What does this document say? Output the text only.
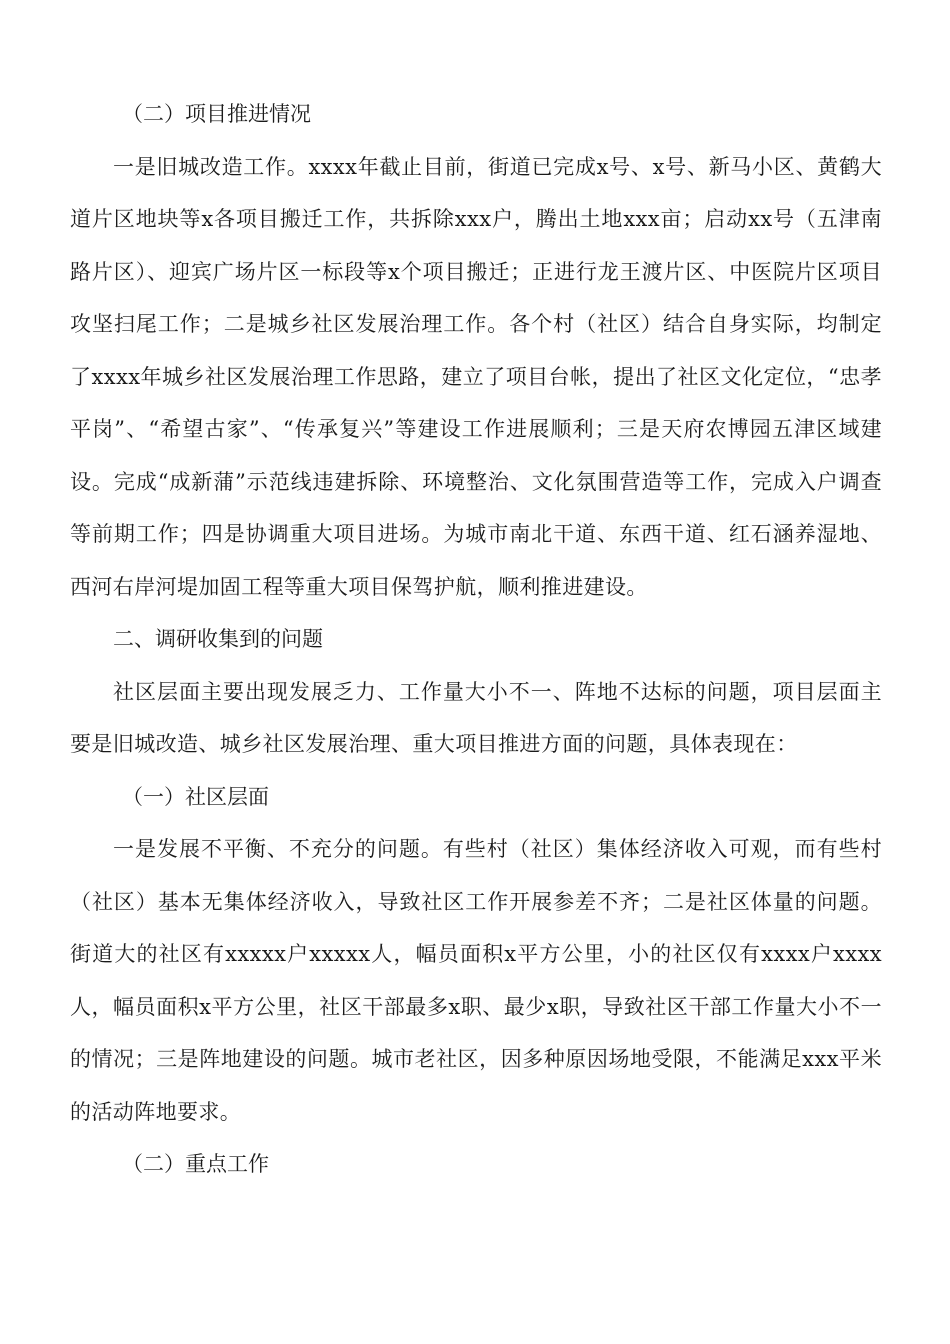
（二）项目推进情况

一是旧城改造工作。xxxx年截止目前，街道已完成x号、x号、新马小区、黄鹤大道片区地块等x各项目搬迁工作，共拆除xxx户，腾出土地xxx亩；启动xx号（五津南路片区）、迎宾广场片区一标段等x个项目搬迁；正进行龙王渡片区、中医院片区项目攻坚扫尾工作；二是城乡社区发展治理工作。各个村（社区）结合自身实际，均制定了xxxx年城乡社区发展治理工作思路，建立了项目台帐，提出了社区文化定位，“忠孝平岗”、“希望古家”、“传承复兴”等建设工作进展顺利；三是天府农博园五津区域建设。完成“成新蒲”示范线违建拆除、环境整治、文化氛围营造等工作，完成入户调查等前期工作；四是协调重大项目进场。为城市南北干道、东西干道、红石涵养湿地、西河右岸河堤加固工程等重大项目保驾护航，顺利推进建设。

二、调研收集到的问题

社区层面主要出现发展乏力、工作量大小不一、阵地不达标的问题，项目层面主要是旧城改造、城乡社区发展治理、重大项目推进方面的问题，具体表现在：

（一）社区层面

一是发展不平衡、不充分的问题。有些村（社区）集体经济收入可观，而有些村（社区）基本无集体经济收入，导致社区工作开展参差不齐；二是社区体量的问题。街道大的社区有xxxxx户xxxxx人，幅员面积x平方公里，小的社区仅有xxxx户xxxx人，幅员面积x平方公里，社区干部最多x职、最少x职，导致社区干部工作量大小不一的情况；三是阵地建设的问题。城市老社区，因多种原因场地受限，不能满足xxx平米的活动阵地要求。

（二）重点工作
